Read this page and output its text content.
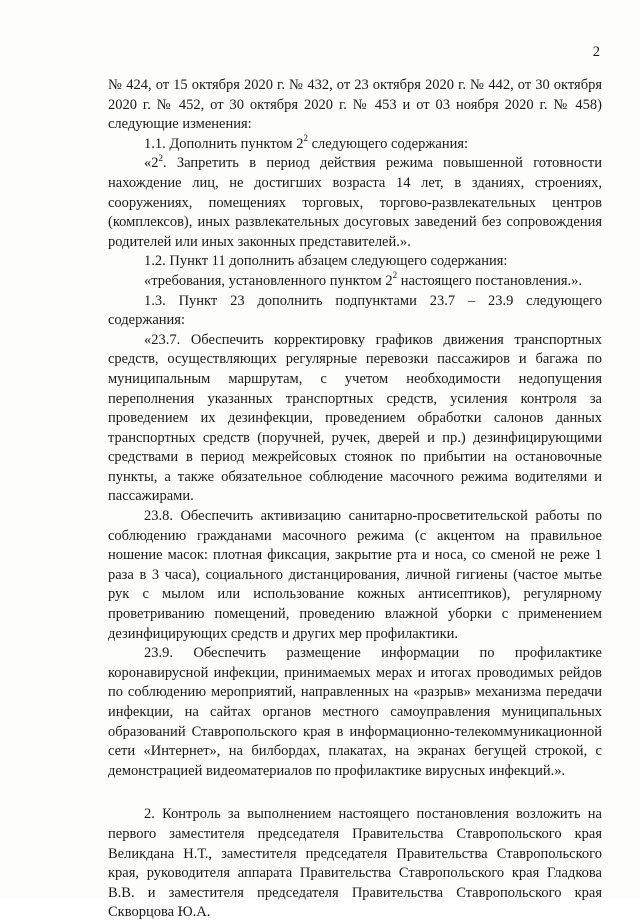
2

№ 424, от 15 октября 2020 г. № 432, от 23 октября 2020 г. № 442, от 30 октября 2020 г. № 452, от 30 октября 2020 г. № 453 и от 03 ноября 2020 г. № 458) следующие изменения:

1.1. Дополнить пунктом $2^2$ следующего содержания:

«$2^2$. Запретить в период действия режима повышенной готовности нахождение лиц, не достигших возраста 14 лет, в зданиях, строениях, сооружениях, помещениях торговых, торгово-развлекательных центров (комплексов), иных развлекательных досуговых заведений без сопровождения родителей или иных законных представителей.».

1.2. Пункт 11 дополнить абзацем следующего содержания:

«требования, установленного пунктом $2^2$ настоящего постановления.».

1.3. Пункт 23 дополнить подпунктами 23.7 – 23.9 следующего содержания:

«23.7. Обеспечить корректировку графиков движения транспортных средств, осуществляющих регулярные перевозки пассажиров и багажа по муниципальным маршрутам, с учетом необходимости недопущения переполнения указанных транспортных средств, усиления контроля за проведением их дезинфекции, проведением обработки салонов данных транспортных средств (поручней, ручек, дверей и пр.) дезинфицирующими средствами в период межрейсовых стоянок по прибытии на остановочные пункты, а также обязательное соблюдение масочного режима водителями и пассажирами.

23.8. Обеспечить активизацию санитарно-просветительской работы по соблюдению гражданами масочного режима (с акцентом на правильное ношение масок: плотная фиксация, закрытие рта и носа, со сменой не реже 1 раза в 3 часа), социального дистанцирования, личной гигиены (частое мытье рук с мылом или использование кожных антисептиков), регулярному проветриванию помещений, проведению влажной уборки с применением дезинфицирующих средств и других мер профилактики.

23.9. Обеспечить размещение информации по профилактике коронавирусной инфекции, принимаемых мерах и итогах проводимых рейдов по соблюдению мероприятий, направленных на «разрыв» механизма передачи инфекции, на сайтах органов местного самоуправления муниципальных образований Ставропольского края в информационно-телекоммуникационной сети «Интернет», на билбордах, плакатах, на экранах бегущей строкой, с демонстрацией видеоматериалов по профилактике вирусных инфекций.».

2. Контроль за выполнением настоящего постановления возложить на первого заместителя председателя Правительства Ставропольского края Великдана Н.Т., заместителя председателя Правительства Ставропольского края, руководителя аппарата Правительства Ставропольского края Гладкова В.В. и заместителя председателя Правительства Ставропольского края Скворцова Ю.А.
